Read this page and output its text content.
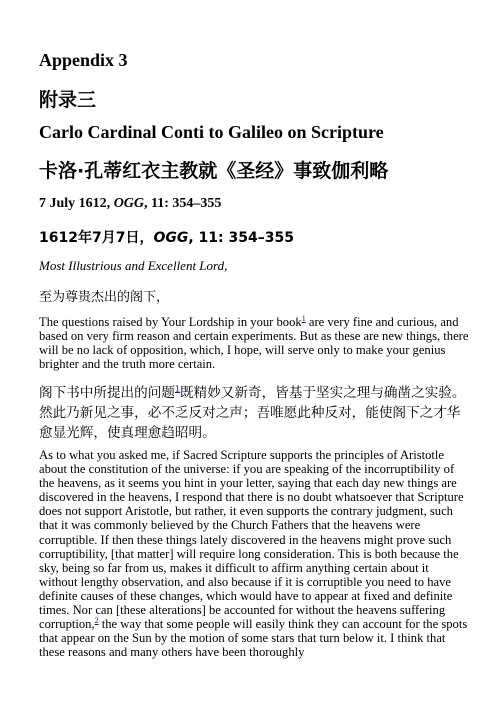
Appendix 3
附录三
Carlo Cardinal Conti to Galileo on Scripture
卡洛·孔蒂红衣主教就《圣经》事致伽利略
7 July 1612, OGG, 11: 354–355
1612年7月7日，OGG, 11: 354–355

Most Illustrious and Excellent Lord,

至为尊贵杰出的阁下，

The questions raised by Your Lordship in your book$^1$ are very fine and curious, and based on very firm reason and certain experiments. But as these are new things, there will be no lack of opposition, which, I hope, will serve only to make your genius brighter and the truth more certain.

阁下书中所提出的问题$^1$既精妙又新奇，皆基于坚实之理与确凿之实验。然此乃新见之事，必不乏反对之声；吾唯愿此种反对，能使阁下之才华愈显光辉，使真理愈趋昭明。

As to what you asked me, if Sacred Scripture supports the principles of Aristotle about the constitution of the universe: if you are speaking of the incorruptibility of the heavens, as it seems you hint in your letter, saying that each day new things are discovered in the heavens, I respond that there is no doubt whatsoever that Scripture does not support Aristotle, but rather, it even supports the contrary judgment, such that it was commonly believed by the Church Fathers that the heavens were corruptible. If then these things lately discovered in the heavens might prove such corruptibility, [that matter] will require long consideration. This is both because the sky, being so far from us, makes it difficult to affirm anything certain about it without lengthy observation, and also because if it is corruptible you need to have definite causes of these changes, which would have to appear at fixed and definite times. Nor can [these alterations] be accounted for without the heavens suffering corruption,$^2$ the way that some people will easily think they can account for the spots that appear on the Sun by the motion of some stars that turn below it. I think that these reasons and many others have been thoroughly
